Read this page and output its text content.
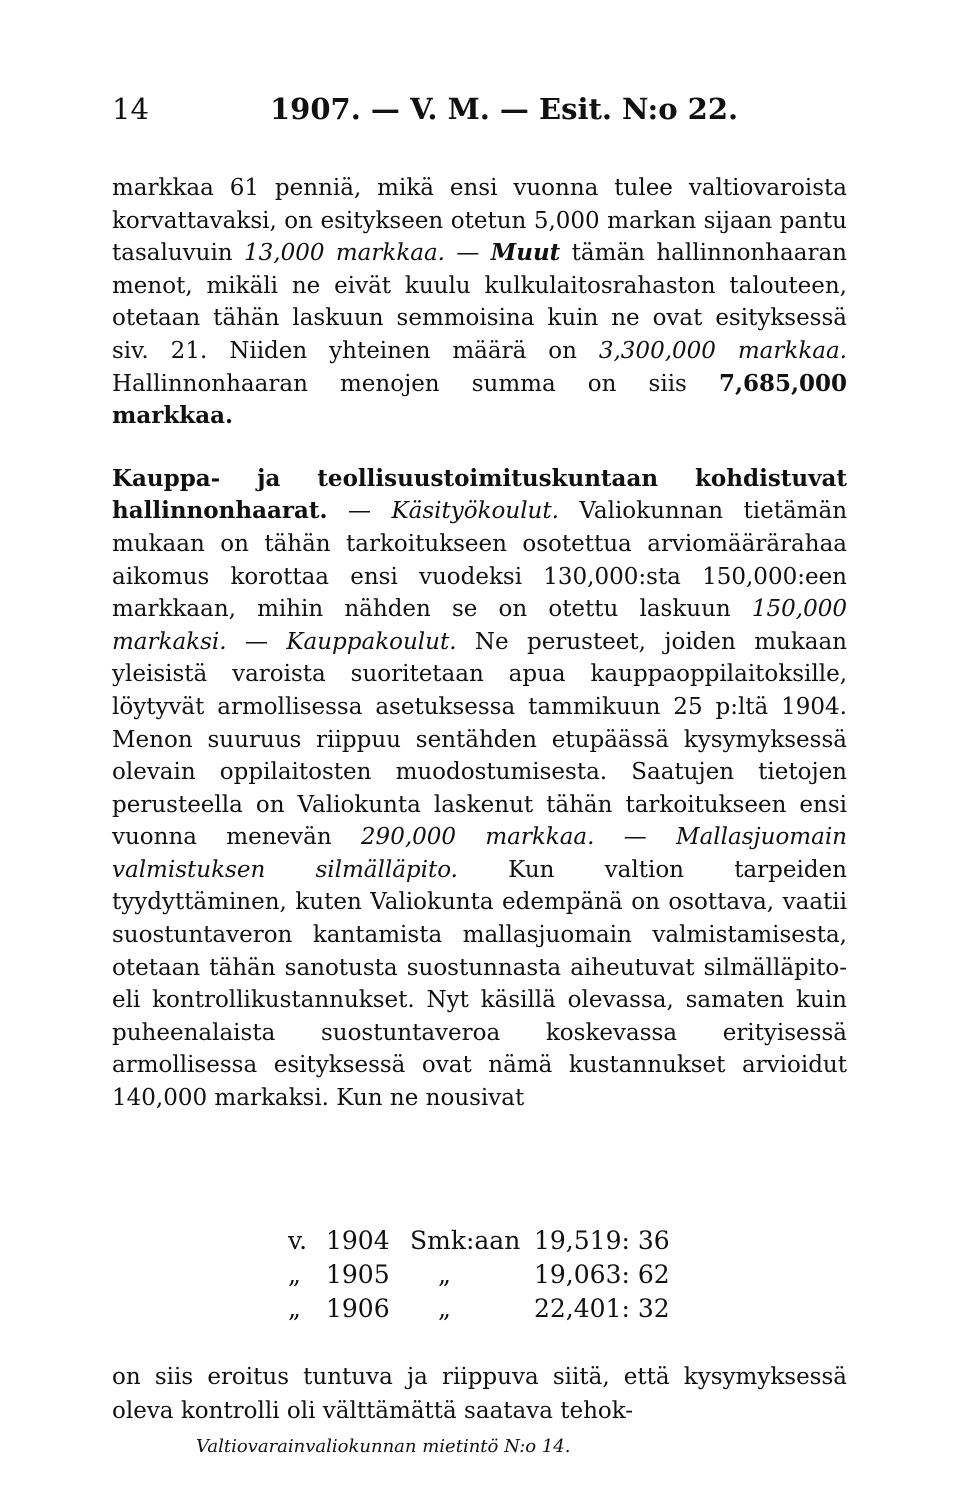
14	1907. — V. M. — Esit. N:o 22.

markkaa 61 penniä, mikä ensi vuonna tulee valtiovaroista korvattavaksi, on esitykseen otetun 5,000 markan sijaan pantu tasaluvuin 13,000 markkaa. — Muut tämän hallinnonhaaran menot, mikäli ne eivät kuulu kulkulaitosrahaston talouteen, otetaan tähän laskuun semmoisina kuin ne ovat esityksessä siv. 21. Niiden yhteinen määrä on 3,300,000 markkaa. Hallinnonhaaran menojen summa on siis 7,685,000 markkaa.

Kauppa- ja teollisuustoimituskuntaan kohdistuvat hallinnonhaarat. — Käsityökoulut. Valiokunnan tietämän mukaan on tähän tarkoitukseen osotettua arviomäärärahaa aikomus korottaa ensi vuodeksi 130,000:sta 150,000:een markkaan, mihin nähden se on otettu laskuun 150,000 markaksi. — Kauppakoulut. Ne perusteet, joiden mukaan yleisistä varoista suoritetaan apua kauppaoppilaitoksille, löytyvät armollisessa asetuksessa tammikuun 25 p:ltä 1904. Menon suuruus riippuu sentähden etupäässä kysymyksessä olevain oppilaitosten muodostumisesta. Saatujen tietojen perusteella on Valiokunta laskenut tähän tarkoitukseen ensi vuonna menevän 290,000 markkaa. — Mallasjuomain valmistuksen silmälläpito. Kun valtion tarpeiden tyydyttäminen, kuten Valiokunta edempänä on osottava, vaatii suostuntaveron kantamista mallasjuomain valmistamisesta, otetaan tähän sanotusta suostunnasta aiheutuvat silmälläpito- eli kontrollikustannukset. Nyt käsillä olevassa, samaten kuin puheenalaista suostuntaveroa koskevassa erityisessä armollisessa esityksessä ovat nämä kustannukset arvioidut 140,000 markaksi. Kun ne nousivat

v. 1904 Smk:aan 19,519: 36
„ 1905 „	19,063: 62
„ 1906 „	22,401: 32
on siis eroitus tuntuva ja riippuva siitä, että kysymyksessä oleva kontrolli oli välttämättä saatava tehok-
Valtiovarainvaliokunnan mietintö N:o 14.
